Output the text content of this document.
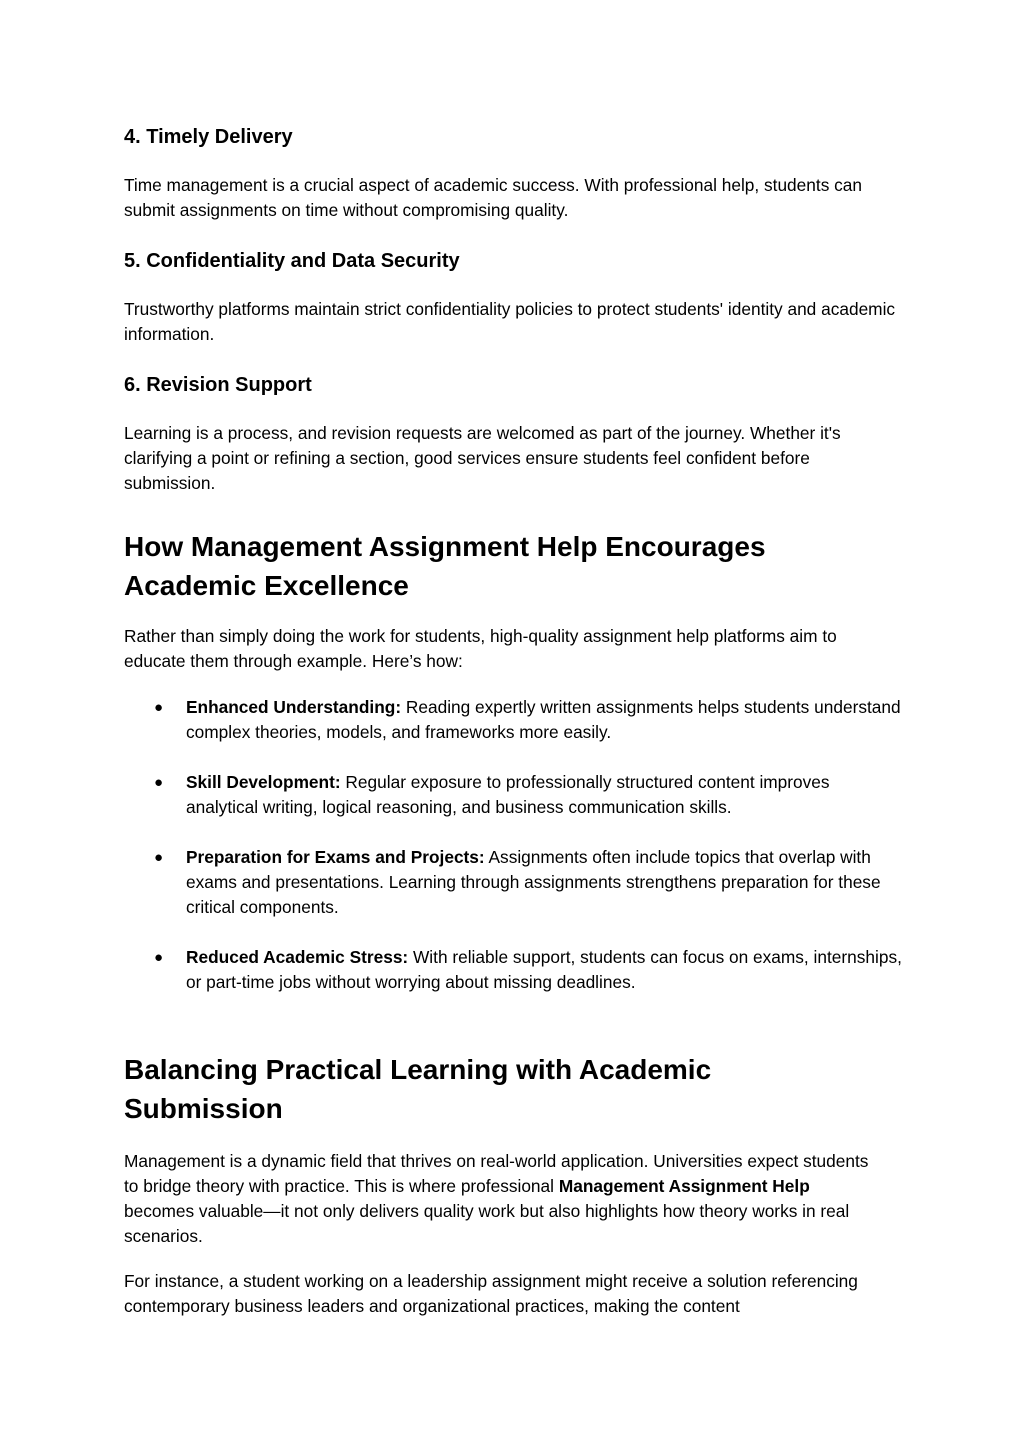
4. Timely Delivery

Time management is a crucial aspect of academic success. With professional help, students can submit assignments on time without compromising quality.

5. Confidentiality and Data Security

Trustworthy platforms maintain strict confidentiality policies to protect students' identity and academic information.

6. Revision Support

Learning is a process, and revision requests are welcomed as part of the journey. Whether it's clarifying a point or refining a section, good services ensure students feel confident before submission.

How Management Assignment Help Encourages Academic Excellence

Rather than simply doing the work for students, high-quality assignment help platforms aim to educate them through example. Here’s how:

● Enhanced Understanding: Reading expertly written assignments helps students understand complex theories, models, and frameworks more easily.
● Skill Development: Regular exposure to professionally structured content improves analytical writing, logical reasoning, and business communication skills.
● Preparation for Exams and Projects: Assignments often include topics that overlap with exams and presentations. Learning through assignments strengthens preparation for these critical components.
● Reduced Academic Stress: With reliable support, students can focus on exams, internships, or part-time jobs without worrying about missing deadlines.
Balancing Practical Learning with Academic Submission

Management is a dynamic field that thrives on real-world application. Universities expect students to bridge theory with practice. This is where professional Management Assignment Help becomes valuable—it not only delivers quality work but also highlights how theory works in real scenarios.

For instance, a student working on a leadership assignment might receive a solution referencing contemporary business leaders and organizational practices, making the content
